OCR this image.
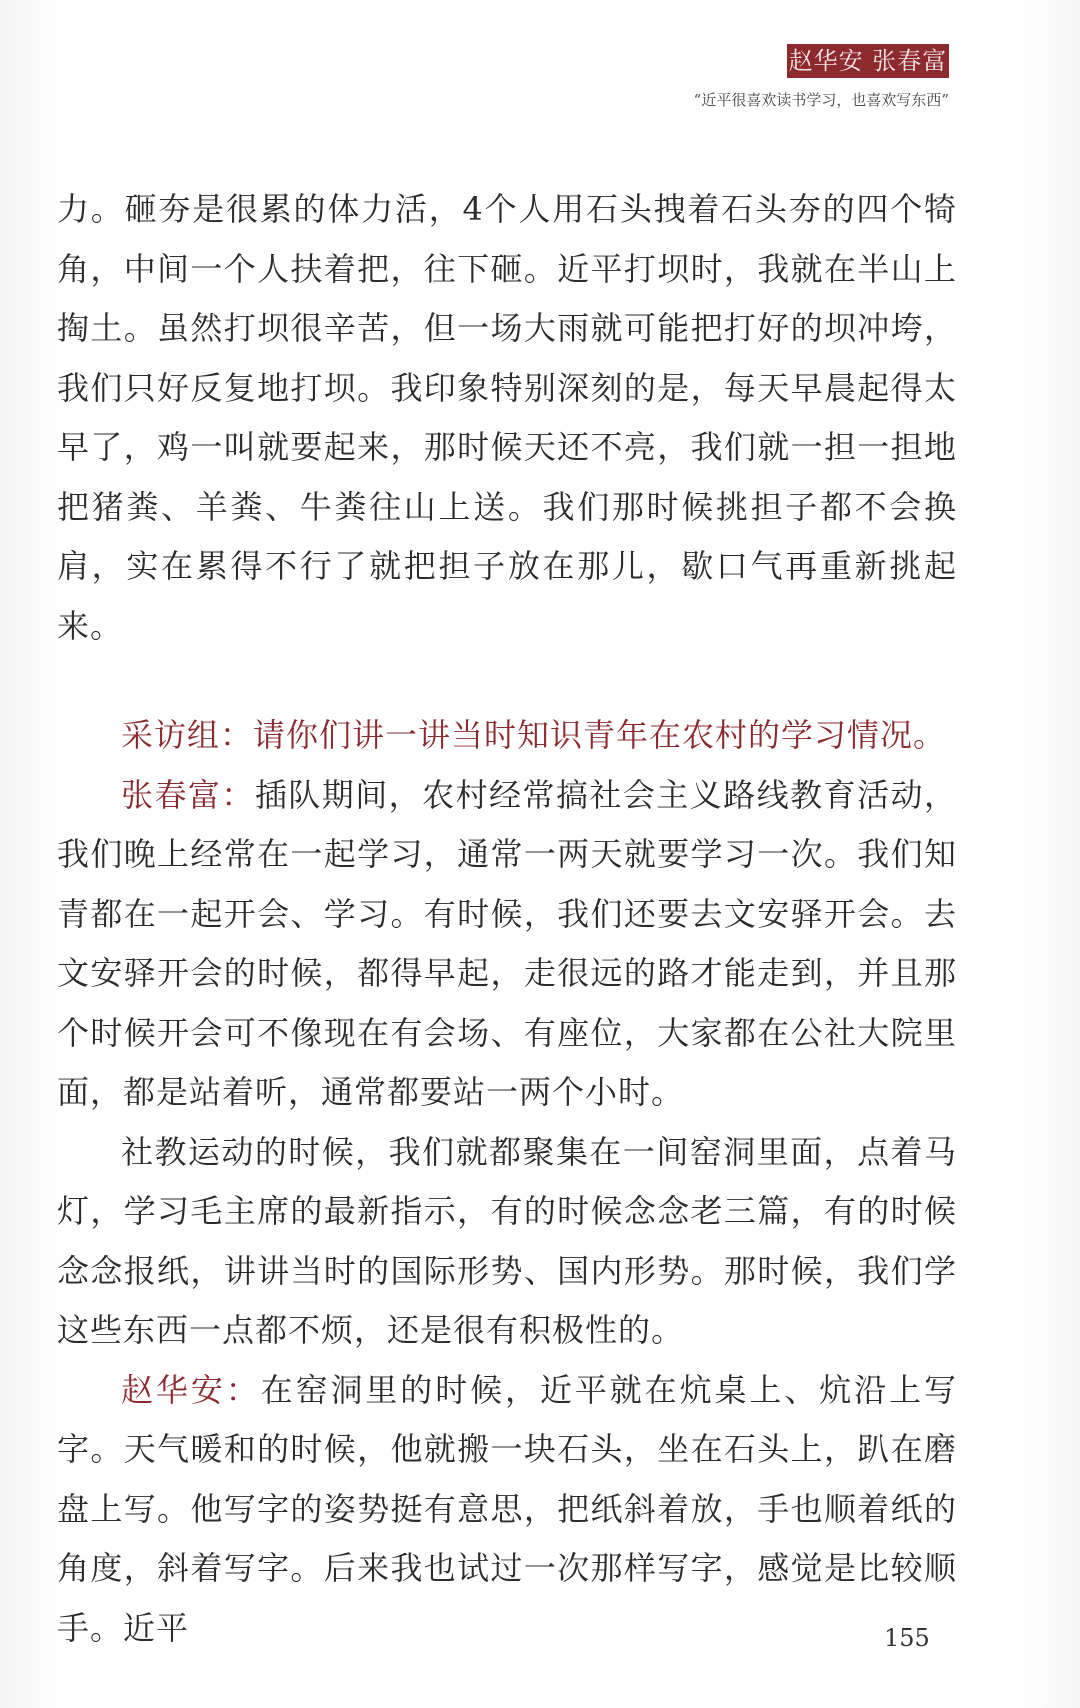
赵华安 张春富
“近平很喜欢读书学习，也喜欢写东西”

力。砸夯是很累的体力活，4个人用石头拽着石头夯的四个犄角，中间一个人扶着把，往下砸。近平打坝时，我就在半山上掏土。虽然打坝很辛苦，但一场大雨就可能把打好的坝冲垮，我们只好反复地打坝。我印象特别深刻的是，每天早晨起得太早了，鸡一叫就要起来，那时候天还不亮，我们就一担一担地把猪粪、羊粪、牛粪往山上送。我们那时候挑担子都不会换肩，实在累得不行了就把担子放在那儿，歇口气再重新挑起来。

采访组：请你们讲一讲当时知识青年在农村的学习情况。

张春富：插队期间，农村经常搞社会主义路线教育活动，我们晚上经常在一起学习，通常一两天就要学习一次。我们知青都在一起开会、学习。有时候，我们还要去文安驿开会。去文安驿开会的时候，都得早起，走很远的路才能走到，并且那个时候开会可不像现在有会场、有座位，大家都在公社大院里面，都是站着听，通常都要站一两个小时。

社教运动的时候，我们就都聚集在一间窑洞里面，点着马灯，学习毛主席的最新指示，有的时候念念老三篇，有的时候念念报纸，讲讲当时的国际形势、国内形势。那时候，我们学这些东西一点都不烦，还是很有积极性的。

赵华安：在窑洞里的时候，近平就在炕桌上、炕沿上写字。天气暖和的时候，他就搬一块石头，坐在石头上，趴在磨盘上写。他写字的姿势挺有意思，把纸斜着放，手也顺着纸的角度，斜着写字。后来我也试过一次那样写字，感觉是比较顺手。近平	155
